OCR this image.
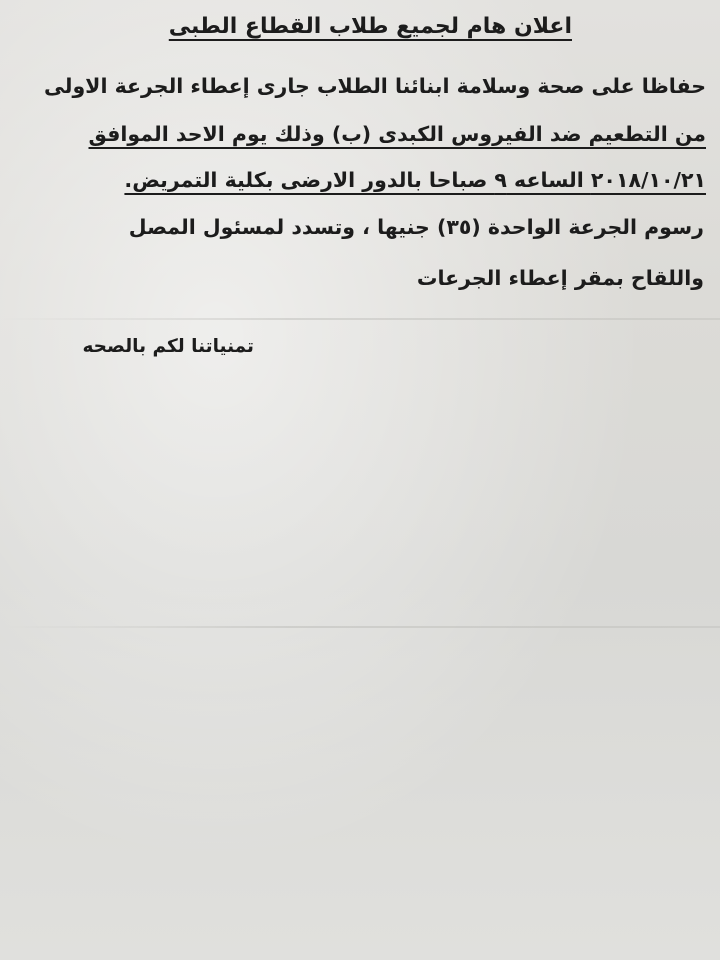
اعلان هام لجميع طلاب القطاع الطبى
حفاظا على صحة وسلامة ابنائنا الطلاب جارى إعطاء الجرعة الاولى
من التطعيم ضد الفيروس الكبدى (ب) وذلك يوم الاحد الموافق
٢٠١٨/١٠/٢١ الساعه ٩ صباحا بالدور الارضى بكلية التمريض.
رسوم الجرعة الواحدة (٣٥) جنيها ، وتسدد لمسئول المصل
واللقاح بمقر إعطاء الجرعات
تمنياتنا لكم بالصحه
